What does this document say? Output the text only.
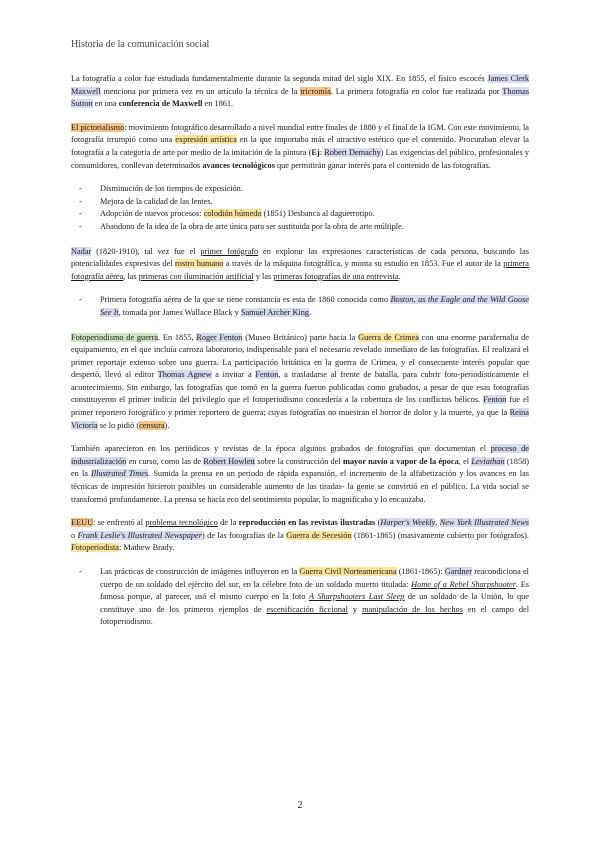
Historia de la comunicación social

La fotografía a color fue estudiada fundamentalmente durante la segunda mitad del siglo XIX. En 1855, el físico escocés James Clerk Maxwell menciona por primera vez en un artículo la técnica de la tricromía. La primera fotografía en color fue realizada por Thomas Sutton en una conferencia de Maxwell en 1861.

El pictorialismo: movimiento fotográfico desarrollado a nivel mundial entre finales de 1880 y el final de la IGM. Con este movimiento, la fotografía irrumpió como una expresión artística en la que importaba más el atractivo estético que el contenido. Procuraban elevar la fotografía a la categoría de arte por medio de la imitación de la pintura (Ej: Robert Demachy) Las exigencias del público, profesionales y consumidores, conllevan determinados avances tecnológicos que permitirán ganar interés para el contenido de las fotografías.

- Disminución de los tiempos de exposición.
- Mejora de la calidad de las lentes.
- Adopción de nuevos procesos: colodión húmedo (1851) Desbanca al daguerrotipo.
- Abandono de la idea de la obra de arte única para ser sustituida por la obra de arte múltiple.

Nadar (1820-1910), tal vez fue el primer fotógrafo en explorar las expresiones características de cada persona, buscando las potencialidades expresivas del rostro humano a través de la máquina fotográfica, y monta su estudio en 1853. Fue el autor de la primera fotografía aérea, las primeras con iluminación artificial y las primeras fotografías de una entrevista.

- Primera fotografía aérea de la que se tiene constancia es esta de 1860 conocida como Boston, as the Eagle and the Wild Goose See It, tomada por James Wallace Black y Samuel Archer King.

Fotoperiodismo de guerra. En 1855, Roger Fenton (Museo Británico) parte hacia la Guerra de Crimea con una enorme parafernalia de equipamiento, en el que incluía carroza laboratorio, indispensable para el necesario revelado inmediato de las fotografías. El realizará el primer reportaje extenso sobre una guerra. La participación británica en la guerra de Crimea, y el consecuente interés popular que despertó, llevó al editor Thomas Agnew a invitar a Fenton, a trasladarse al frente de batalla, para cubrir foto-periodísticamente el acontecimiento. Sin embargo, las fotografías que tomó en la guerra fueron publicadas como grabados, a pesar de que esas fotografías constituyeron el primer indicio del privilegio que el fotoperiodismo concedería a la cobertura de los conflictos bélicos. Fenton fue el primer reportero fotográfico y primer reportero de guerra; cuyas fotografías no muestran el horror de dolor y la muerte, ya que la Reina Victoria se lo pidió (censura).

También aparecieron en los periódicos y revistas de la época algunos grabados de fotografías que documentan el proceso de industrialización en curso, como las de Robert Howlett sobre la construcción del mayor navío a vapor de la época, el Leviathan (1858) en la Illustrated Times. Sumida la prensa en un periodo de rápida expansión, el incremento de la alfabetización y los avances en las técnicas de impresión hicieron posibles un considerable aumento de las tiradas- la gente se convirtió en el público. La vida social se transformó profundamente. La prensa se hacía eco del sentimiento popular, lo magnificaba y lo encauzaba.

EEUU: se enfrentó al problema tecnológico de la reproducción en las revistas ilustradas (Harper's Weekly, New York Illustrated News o Frank Leslie's Illustrated Newspaper) de las fotografías de la Guerra de Secesión (1861-1865) (masivamente cubierto por fotógrafos). Fotoperiodista: Mathew Brady.

- Las prácticas de construcción de imágenes influyeron en la Guerra Civil Norteamericana (1861-1865): Gardner reacondiciona el cuerpo de un soldado del ejército del sur, en la célebre foto de un soldado muerto titulada: Home of a Rebel Sharpshooter. Es famosa porque, al parecer, usó el mismo cuerpo en la foto A Sharpshooters Last Sleep de un soldado de la Unión, lo que constituye uno de los primeros ejemplos de escenificación ficcional y manipulación de los hechos en el campo del fotoperiodismo.
2
